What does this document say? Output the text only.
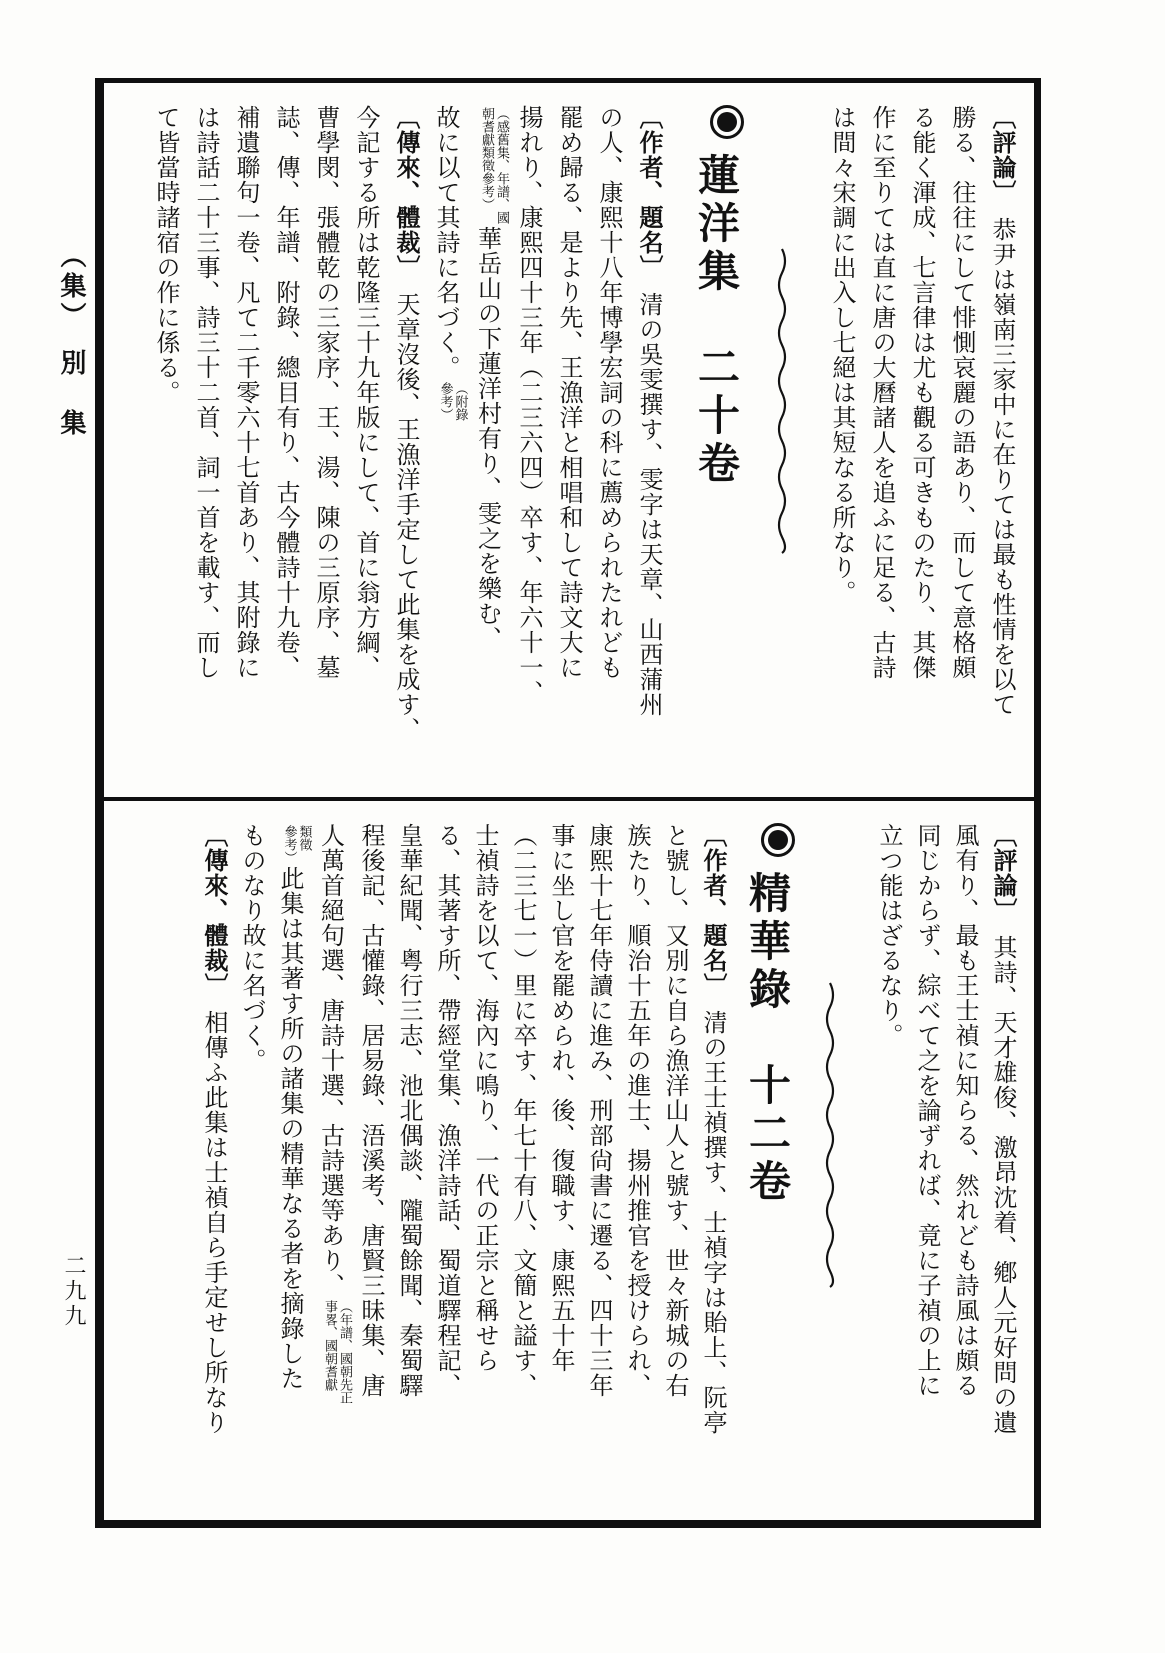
（集）　別　集
二九九
〔評論〕恭尹は嶺南三家中に在りては最も性情を以て
勝る、往往にして悱惻哀麗の語あり、而して意格頗
る能く渾成、七言律は尤も觀る可きものたり、其傑
作に至りては直に唐の大曆諸人を追ふに足る、古詩
は間々宋調に出入し七絕は其短なる所なり。
蓮洋集　二十卷
〔作者、題名〕清の吳雯撰す、雯字は天章、山西蒲州
の人、康熙十八年博學宏詞の科に薦められたれども
罷め歸る、是より先、王漁洋と相唱和して詩文大に
揚れり、康熙四十三年（二三六四）卒す、年六十一、
（感舊集、年譜、國
朝耆獻類徵參考）
華岳山の下蓮洋村有り、雯之を樂む、
故に以て其詩に名づく。
（附錄
參考）
〔傳來、體裁〕天章沒後、王漁洋手定して此集を成す、
今記する所は乾隆三十九年版にして、首に翁方綱、
曹學閔、張體乾の三家序、王、湯、陳の三原序、墓
誌、傳、年譜、附錄、總目有り、古今體詩十九卷、
補遺聯句一卷、凡て二千零六十七首あり、其附錄に
は詩話二十三事、詩三十二首、詞一首を載す、而し
て皆當時諸宿の作に係る。
〔評論〕其詩、天才雄俊、激昂沈着、鄕人元好問の遺
風有り、最も王士禎に知らる、然れども詩風は頗る
同じからず、綜べて之を論ずれば、竟に子禎の上に
立つ能はざるなり。
精華錄　十二卷
〔作者、題名〕清の王士禎撰す、士禎字は貽上、阮亭
と號し、又別に自ら漁洋山人と號す、世々新城の右
族たり、順治十五年の進士、揚州推官を授けられ、
康熙十七年侍讀に進み、刑部尙書に遷る、四十三年
事に坐し官を罷められ、後、復職す、康熙五十年
（二三七一）里に卒す、年七十有八、文簡と謚す、
士禎詩を以て、海內に鳴り、一代の正宗と稱せら
る、其著す所、帶經堂集、漁洋詩話、蜀道驛程記、
皇華紀聞、粤行三志、池北偶談、隴蜀餘聞、秦蜀驛
程後記、古懽錄、居易錄、浯溪考、唐賢三昧集、唐
人萬首絕句選、唐詩十選、古詩選等あり、
（年譜、國朝先正
事畧、國朝耆獻
類徵
參考）
此集は其著す所の諸集の精華なる者を摘錄した
ものなり故に名づく。
〔傳來、體裁〕相傳ふ此集は士禎自ら手定せし所なり
